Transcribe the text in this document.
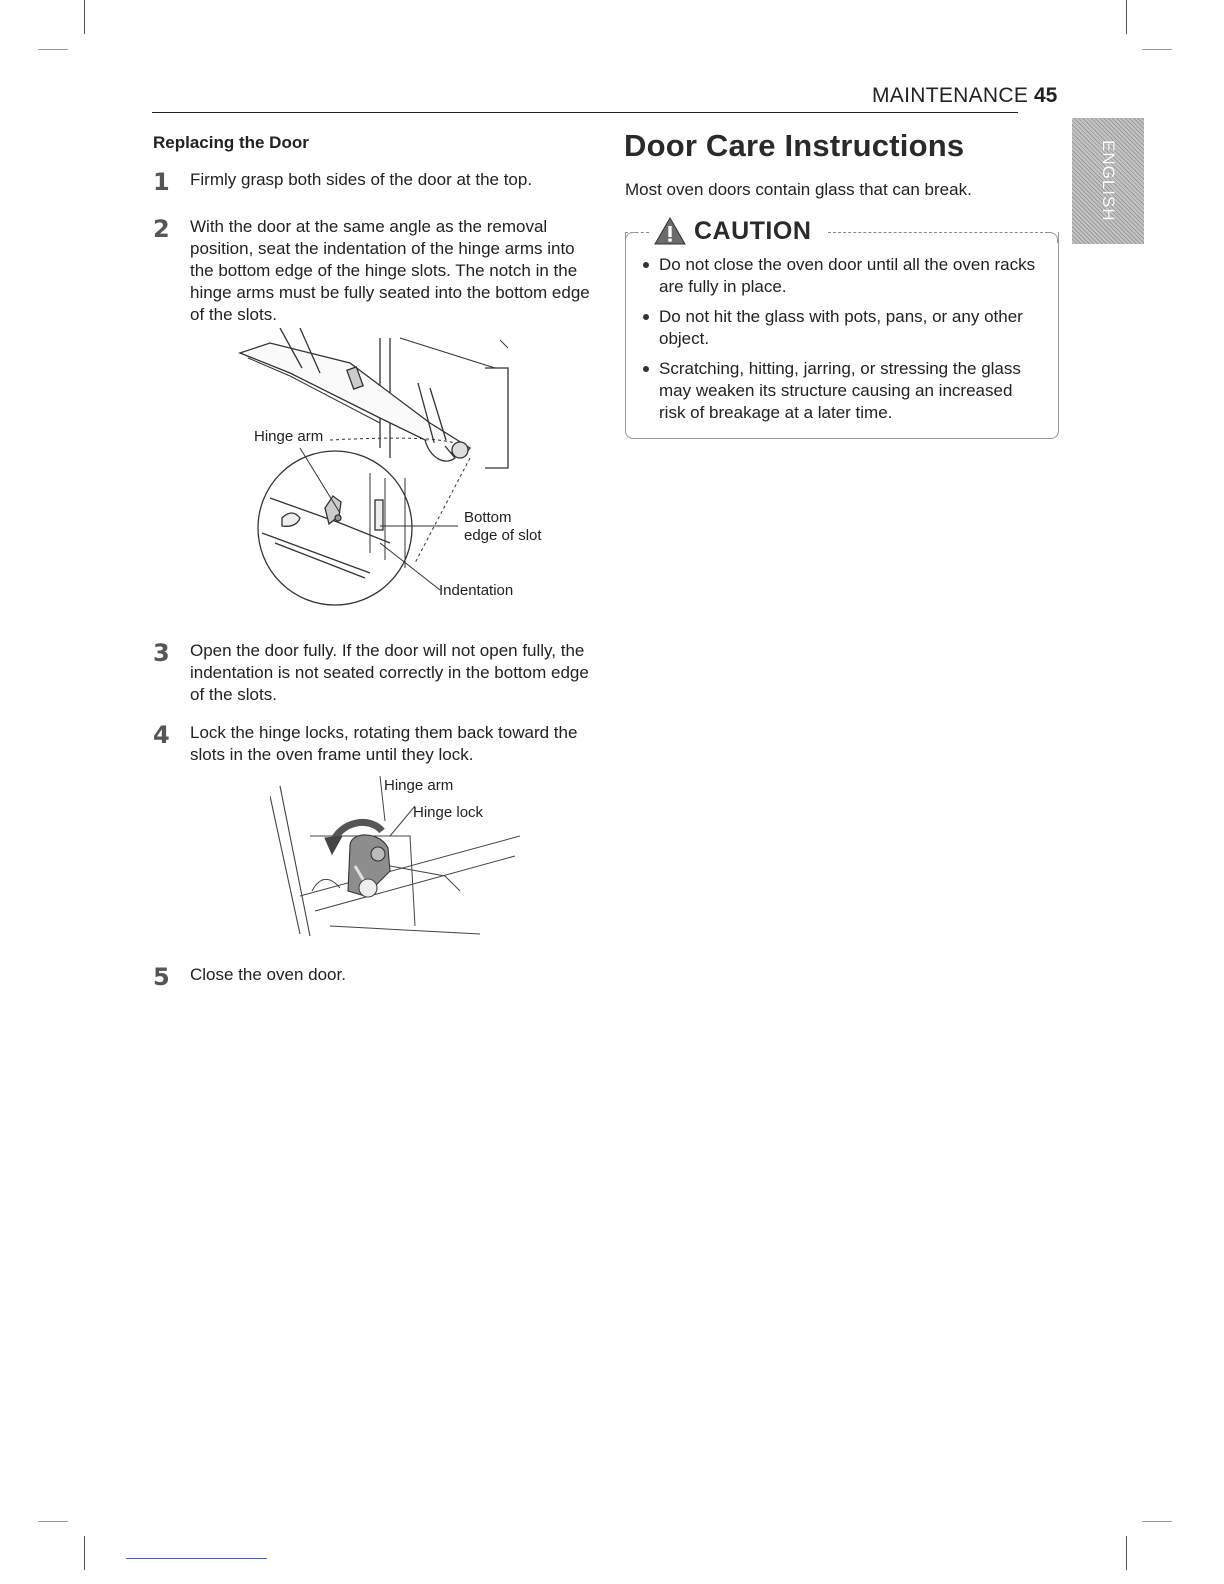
MAINTENANCE 45
ENGLISH
Replacing the Door
1 Firmly grasp both sides of the door at the top.
2 With the door at the same angle as the removal position, seat the indentation of the hinge arms into the bottom edge of the hinge slots. The notch in the hinge arms must be fully seated into the bottom edge of the slots.
Hinge arm
Bottom
edge of slot
Indentation
3 Open the door fully. If the door will not open fully, the indentation is not seated correctly in the bottom edge of the slots.
4 Lock the hinge locks, rotating them back toward the slots in the oven frame until they lock.
Hinge arm
Hinge lock
5 Close the oven door.
Door Care Instructions
Most oven doors contain glass that can break.
CAUTION
Do not close the oven door until all the oven racks are fully in place.
Do not hit the glass with pots, pans, or any other object.
Scratching, hitting, jarring, or stressing the glass may weaken its structure causing an increased risk of breakage at a later time.
